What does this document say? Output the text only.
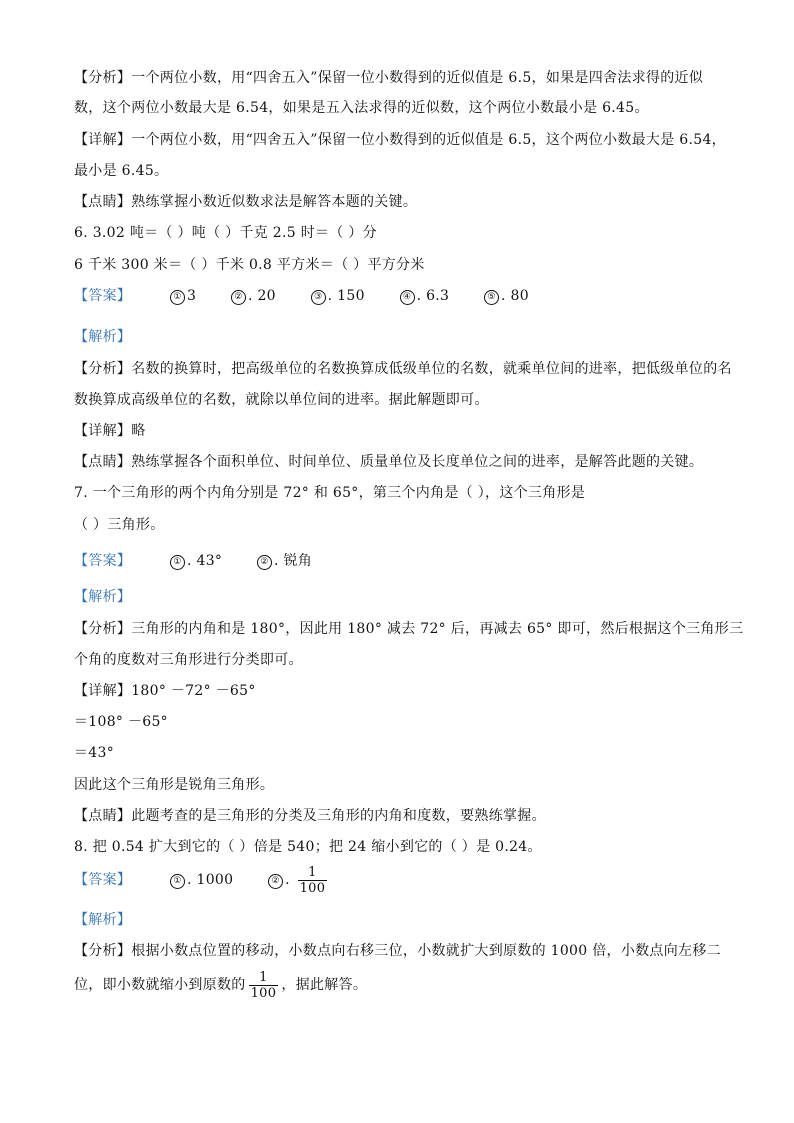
【分析】一个两位小数，用“四舍五入”保留一位小数得到的近似值是 6.5，如果是四舍法求得的近似
数，这个两位小数最大是 6.54，如果是五入法求得的近似数，这个两位小数最小是 6.45。
【详解】一个两位小数，用“四舍五入”保留一位小数得到的近似值是 6.5，这个两位小数最大是 6.54，
最小是 6.45。
【点睛】熟练掌握小数近似数求法是解答本题的关键。
6. 3.02 吨＝（ ）吨（ ）千克 2.5 时＝（ ）分
6 千米 300 米＝（ ）千米 0.8 平方米＝（ ）平方分米
【答案】	① 3	② . 20	③ . 150	④ . 6.3	⑤ . 80
【解析】
【分析】名数的换算时，把高级单位的名数换算成低级单位的名数，就乘单位间的进率，把低级单位的名
数换算成高级单位的名数，就除以单位间的进率。据此解题即可。
【详解】略
【点睛】熟练掌握各个面积单位、时间单位、质量单位及长度单位之间的进率，是解答此题的关键。
7. 一个三角形的两个内角分别是 72° 和 65°，第三个内角是（ ），这个三角形是
（ ）三角形。
【答案】	① . 43°	② . 锐角
【解析】
【分析】三角形的内角和是 180°，因此用 180° 减去 72° 后，再减去 65° 即可，然后根据这个三角形三
个角的度数对三角形进行分类即可。
【详解】180° －72° －65°
＝108° －65°
＝43°
因此这个三角形是锐角三角形。
【点睛】此题考查的是三角形的分类及三角形的内角和度数，要熟练掌握。
8. 把 0.54 扩大到它的（ ）倍是 540；把 24 缩小到它的（ ）是 0.24。
【答案】	① . 1000	② . $\frac{1}{100}$
【解析】
【分析】根据小数点位置的移动，小数点向右移三位，小数就扩大到原数的 1000 倍，小数点向左移二
位，即小数就缩小到原数的 $\frac{1}{100}$ ，据此解答。
